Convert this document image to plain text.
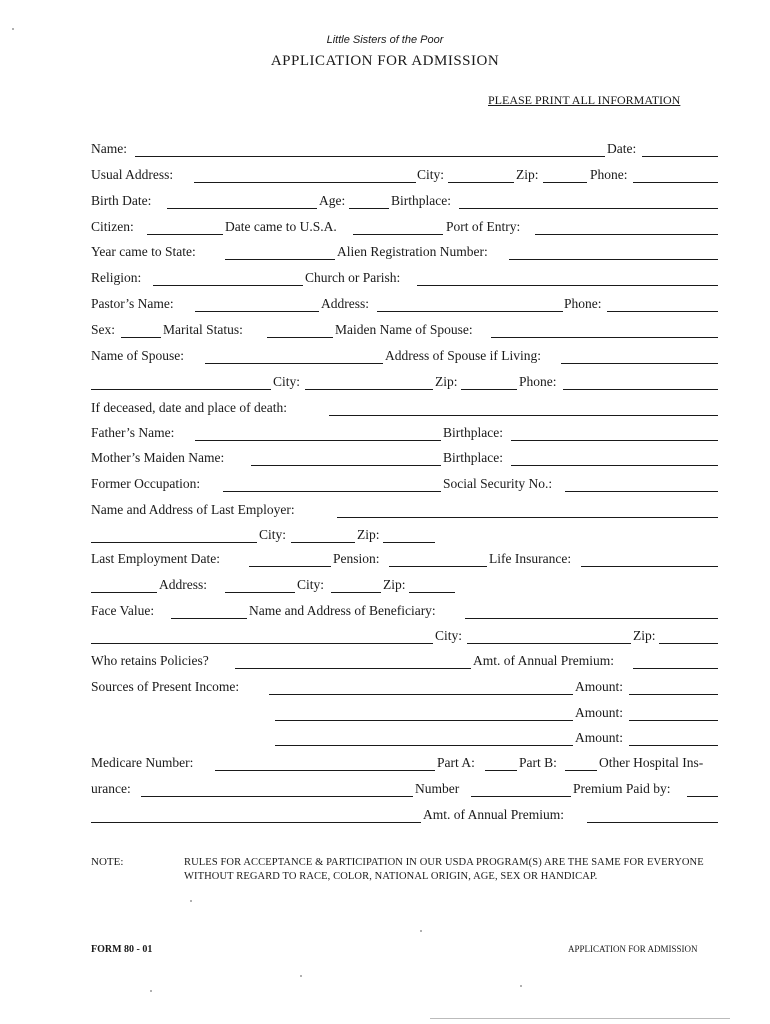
Little Sisters of the Poor
APPLICATION FOR ADMISSION
PLEASE PRINT ALL INFORMATION
Name:	Date:
Usual Address:	City:	Zip:	Phone:
Birth Date:	Age:	Birthplace:
Citizen:	Date came to U.S.A.	Port of Entry:
Year came to State:	Alien Registration Number:
Religion:	Church or Parish:
Pastor’s Name:	Address:	Phone:
Sex:	Marital Status:	Maiden Name of Spouse:
Name of Spouse:	Address of Spouse if Living:
City:	Zip:	Phone:
If deceased, date and place of death:
Father’s Name:	Birthplace:
Mother’s Maiden Name:	Birthplace:
Former Occupation:	Social Security No.:
Name and Address of Last Employer:
City:	Zip:
Last Employment Date:	Pension:	Life Insurance:
Address:	City:	Zip:
Face Value:	Name and Address of Beneficiary:
City:	Zip:
Who retains Policies?	Amt. of Annual Premium:
Sources of Present Income:	Amount:
Amount:
Amount:
Medicare Number:	Part A:	Part B:	Other Hospital Ins-
urance:	Number	Premium Paid by:
Amt. of Annual Premium:
NOTE:	RULES FOR ACCEPTANCE & PARTICIPATION IN OUR USDA PROGRAM(S) ARE THE SAME FOR EVERYONE WITHOUT REGARD TO RACE, COLOR, NATIONAL ORIGIN, AGE, SEX OR HANDICAP.
FORM 80 - 01	APPLICATION FOR ADMISSION
